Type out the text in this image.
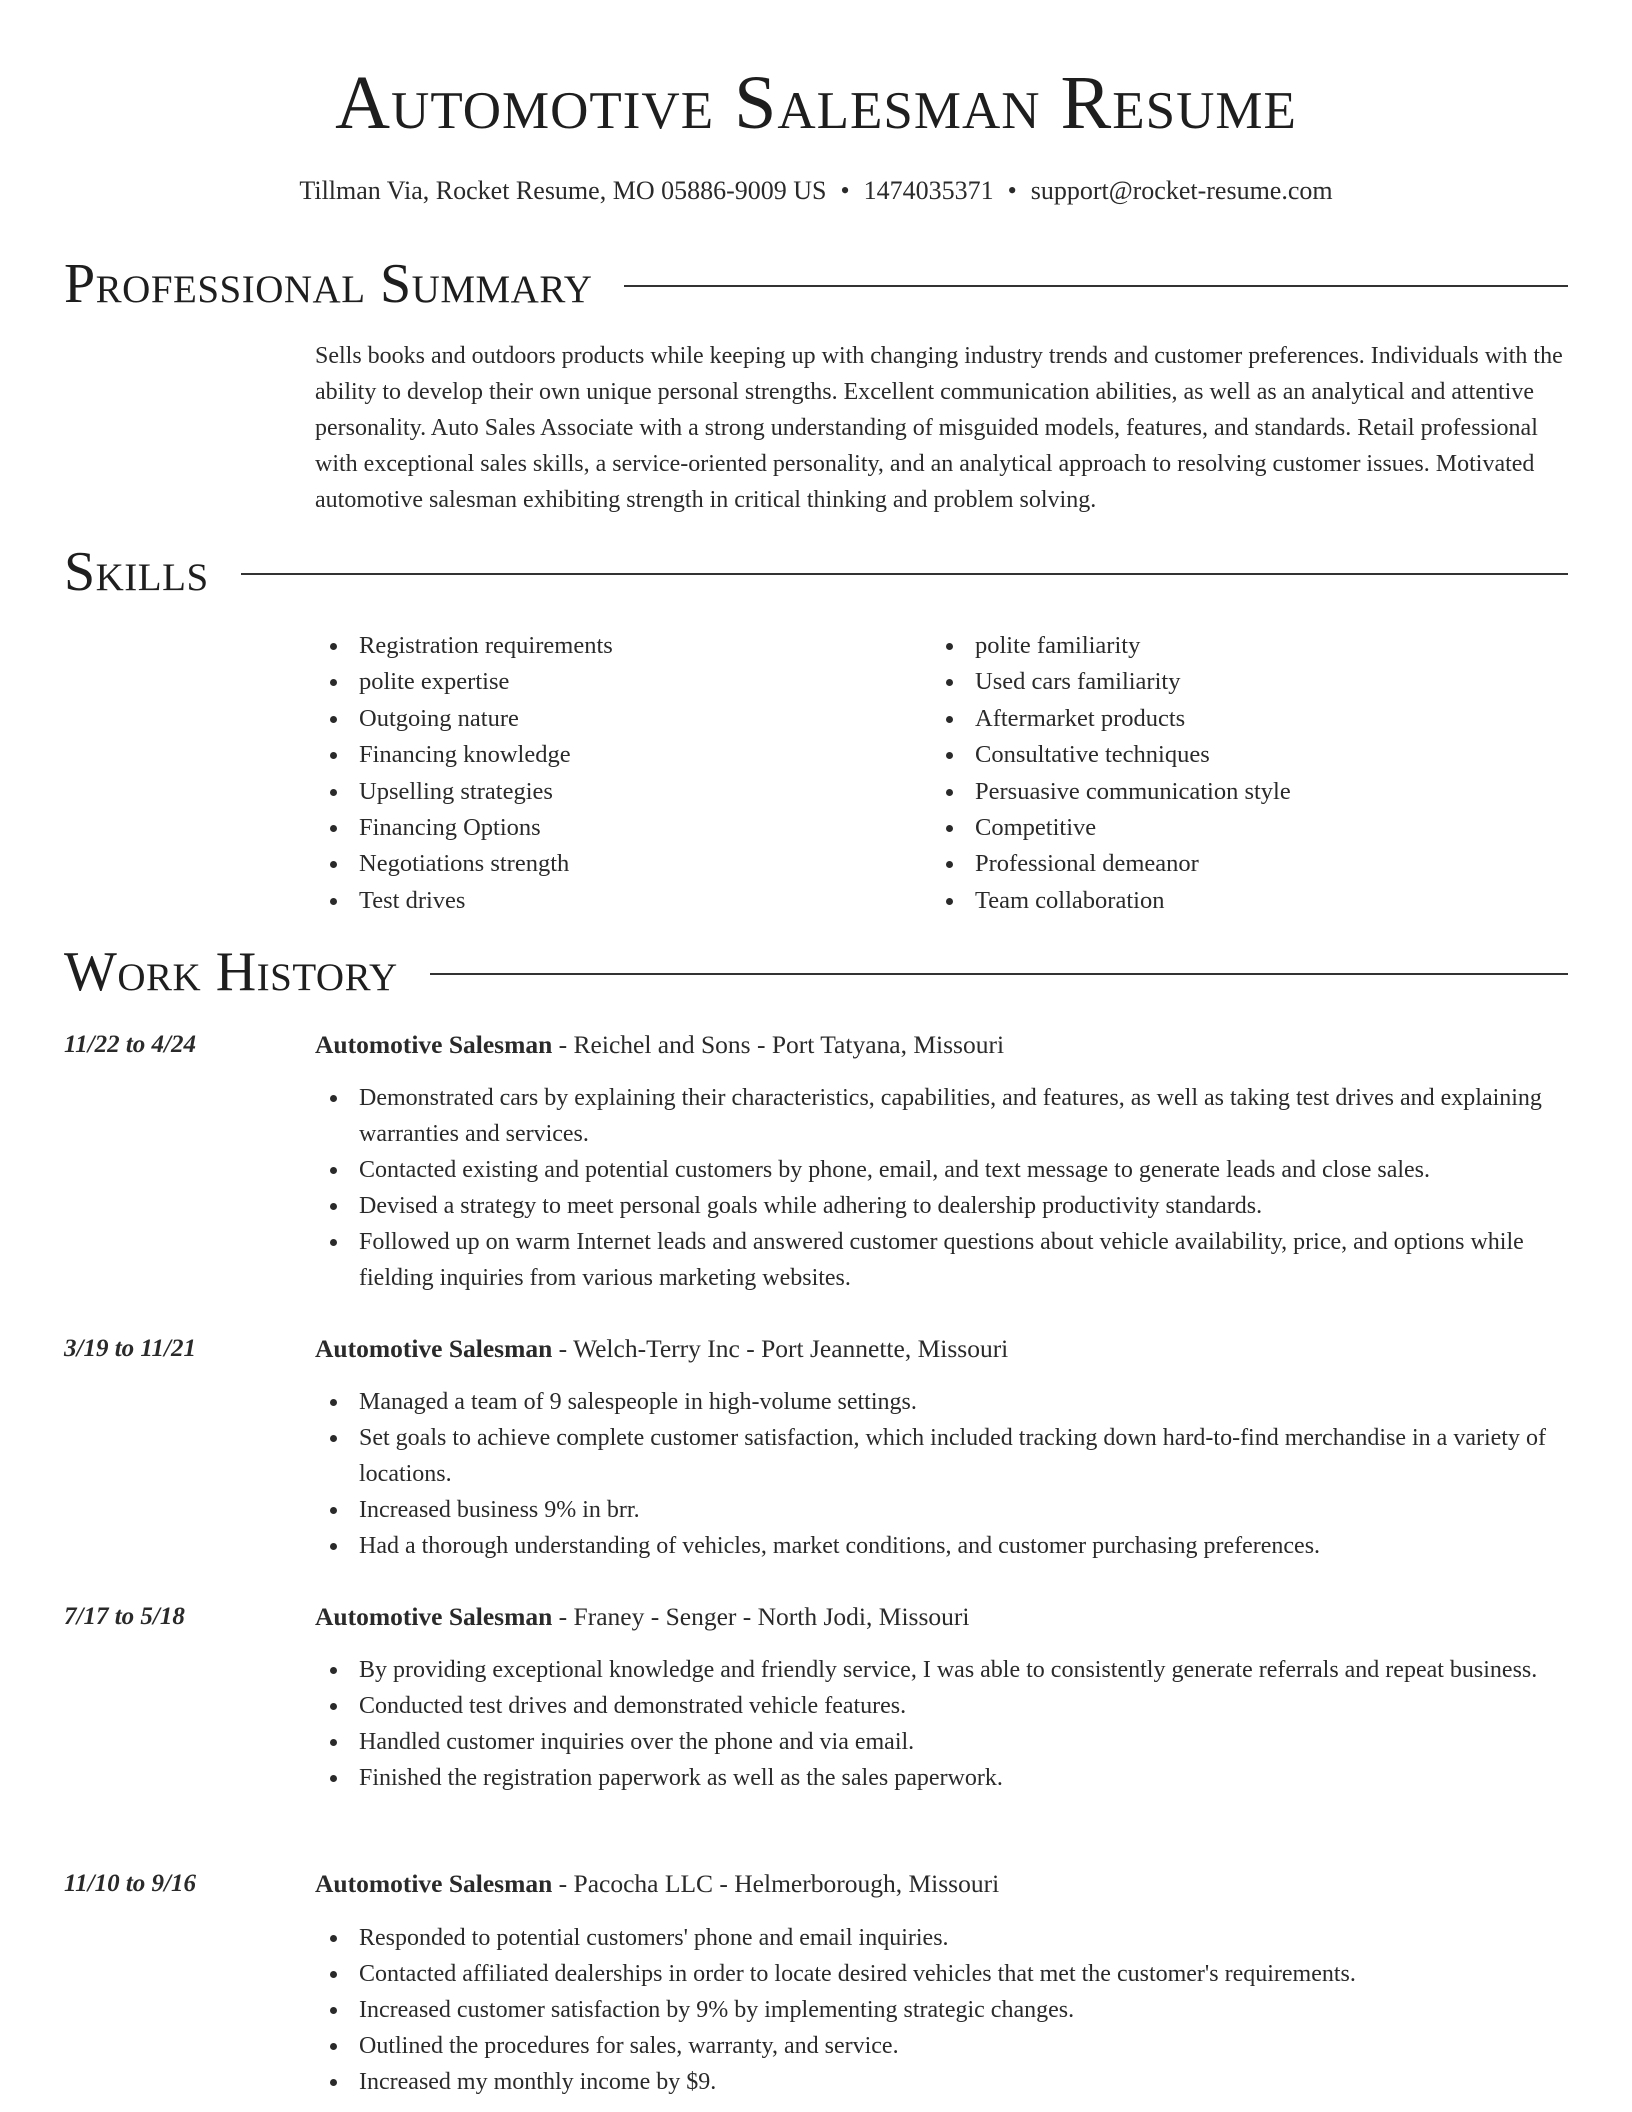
Automotive Salesman Resume
Tillman Via, Rocket Resume, MO 05886-9009 US • 1474035371 • support@rocket-resume.com
Professional Summary

Sells books and outdoors products while keeping up with changing industry trends and customer preferences. Individuals with the ability to develop their own unique personal strengths. Excellent communication abilities, as well as an analytical and attentive personality. Auto Sales Associate with a strong understanding of misguided models, features, and standards. Retail professional with exceptional sales skills, a service-oriented personality, and an analytical approach to resolving customer issues. Motivated automotive salesman exhibiting strength in critical thinking and problem solving.

Skills
Registration requirements
polite expertise
Outgoing nature
Financing knowledge
Upselling strategies
Financing Options
Negotiations strength
Test drives
polite familiarity
Used cars familiarity
Aftermarket products
Consultative techniques
Persuasive communication style
Competitive
Professional demeanor
Team collaboration
Work History
11/22 to 4/24	Automotive Salesman - Reichel and Sons - Port Tatyana, Missouri
Demonstrated cars by explaining their characteristics, capabilities, and features, as well as taking test drives and explaining warranties and services.
Contacted existing and potential customers by phone, email, and text message to generate leads and close sales.
Devised a strategy to meet personal goals while adhering to dealership productivity standards.
Followed up on warm Internet leads and answered customer questions about vehicle availability, price, and options while fielding inquiries from various marketing websites.
3/19 to 11/21	Automotive Salesman - Welch-Terry Inc - Port Jeannette, Missouri
Managed a team of 9 salespeople in high-volume settings.
Set goals to achieve complete customer satisfaction, which included tracking down hard-to-find merchandise in a variety of locations.
Increased business 9% in brr.
Had a thorough understanding of vehicles, market conditions, and customer purchasing preferences.
7/17 to 5/18	Automotive Salesman - Franey - Senger - North Jodi, Missouri
By providing exceptional knowledge and friendly service, I was able to consistently generate referrals and repeat business.
Conducted test drives and demonstrated vehicle features.
Handled customer inquiries over the phone and via email.
Finished the registration paperwork as well as the sales paperwork.
11/10 to 9/16	Automotive Salesman - Pacocha LLC - Helmerborough, Missouri
Responded to potential customers' phone and email inquiries.
Contacted affiliated dealerships in order to locate desired vehicles that met the customer's requirements.
Increased customer satisfaction by 9% by implementing strategic changes.
Outlined the procedures for sales, warranty, and service.
Increased my monthly income by $9.
